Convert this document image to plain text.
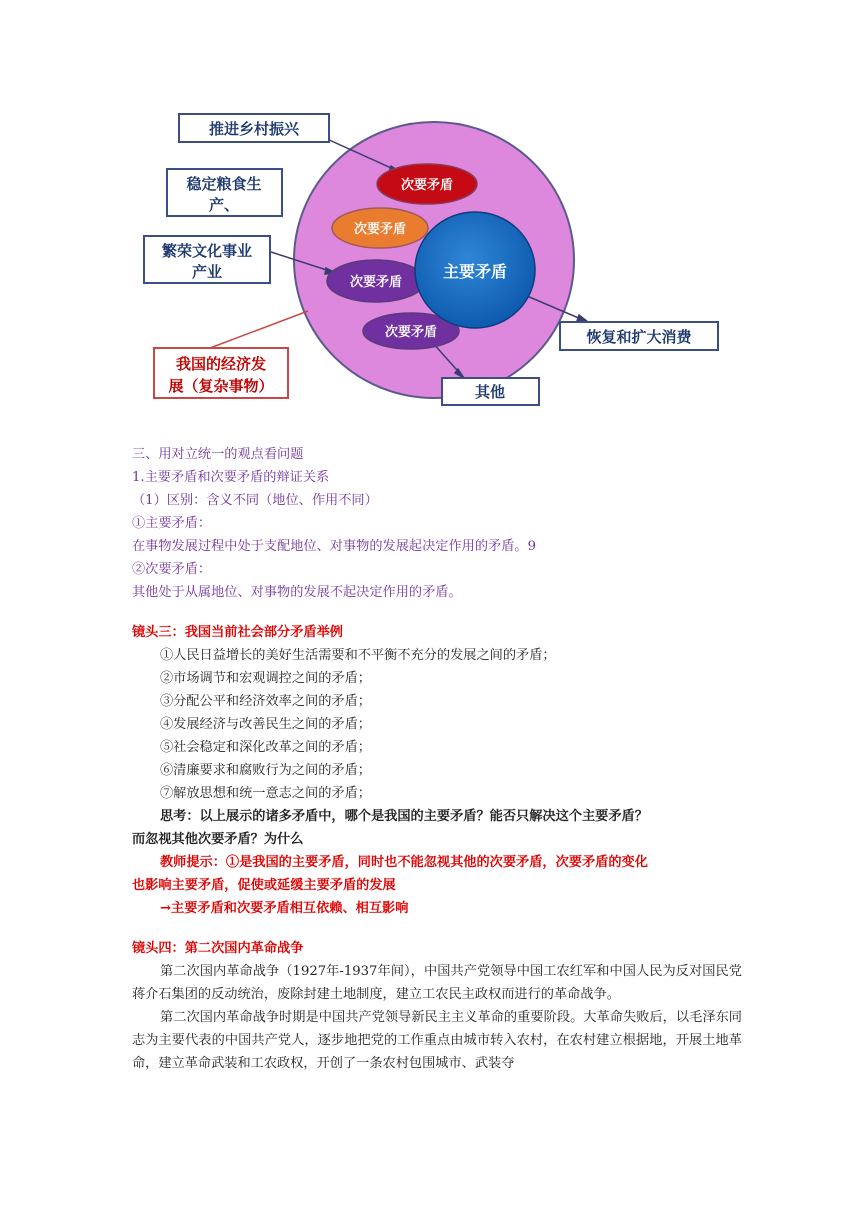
推进乡村振兴
稳定粮食生
产、
繁荣文化事业
产业
我国的经济发
展（复杂事物）
恢复和扩大消费
其他
次要矛盾
次要矛盾
次要矛盾
次要矛盾
主要矛盾
三、用对立统一的观点看问题
1.主要矛盾和次要矛盾的辩证关系
（1）区别：含义不同（地位、作用不同）
①主要矛盾：
在事物发展过程中处于支配地位、对事物的发展起决定作用的矛盾。9
②次要矛盾：
其他处于从属地位、对事物的发展不起决定作用的矛盾。
镜头三：我国当前社会部分矛盾举例
①人民日益增长的美好生活需要和不平衡不充分的发展之间的矛盾；
②市场调节和宏观调控之间的矛盾；
③分配公平和经济效率之间的矛盾；
④发展经济与改善民生之间的矛盾；
⑤社会稳定和深化改革之间的矛盾；
⑥清廉要求和腐败行为之间的矛盾；
⑦解放思想和统一意志之间的矛盾；
思考：以上展示的诸多矛盾中，哪个是我国的主要矛盾？能否只解决这个主要矛盾？
而忽视其他次要矛盾？为什么
教师提示：①是我国的主要矛盾，同时也不能忽视其他的次要矛盾，次要矛盾的变化
也影响主要矛盾，促使或延缓主要矛盾的发展
→主要矛盾和次要矛盾相互依赖、相互影响
镜头四：第二次国内革命战争
第二次国内革命战争（1927年-1937年间），中国共产党领导中国工农红军和中国人民为反对国民党蒋介石集团的反动统治，废除封建土地制度，建立工农民主政权而进行的革命战争。
第二次国内革命战争时期是中国共产党领导新民主主义革命的重要阶段。大革命失败后，以毛泽东同志为主要代表的中国共产党人，逐步地把党的工作重点由城市转入农村，在农村建立根据地，开展土地革命，建立革命武装和工农政权，开创了一条农村包围城市、武装夺
